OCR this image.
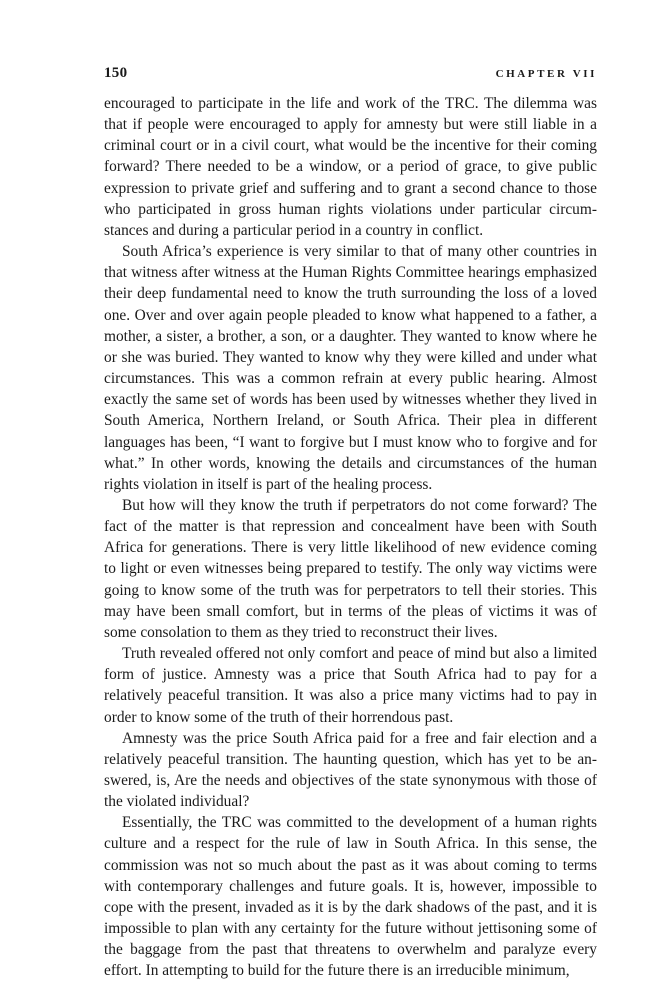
150	CHAPTER VII

encouraged to participate in the life and work of the TRC. The dilemma was that if people were encouraged to apply for amnesty but were still liable in a criminal court or in a civil court, what would be the incentive for their coming forward? There needed to be a window, or a period of grace, to give public expression to private grief and suffering and to grant a second chance to those who participated in gross human rights violations under particular circumstances and during a particular period in a country in conflict.

South Africa’s experience is very similar to that of many other countries in that witness after witness at the Human Rights Committee hearings emphasized their deep fundamental need to know the truth surrounding the loss of a loved one. Over and over again people pleaded to know what happened to a father, a mother, a sister, a brother, a son, or a daughter. They wanted to know where he or she was buried. They wanted to know why they were killed and under what circumstances. This was a common refrain at every public hearing. Almost exactly the same set of words has been used by witnesses whether they lived in South America, Northern Ireland, or South Africa. Their plea in different languages has been, “I want to forgive but I must know who to forgive and for what.” In other words, knowing the details and circumstances of the human rights violation in itself is part of the healing process.

But how will they know the truth if perpetrators do not come forward? The fact of the matter is that repression and concealment have been with South Africa for generations. There is very little likelihood of new evidence coming to light or even witnesses being prepared to testify. The only way victims were going to know some of the truth was for perpetrators to tell their stories. This may have been small comfort, but in terms of the pleas of victims it was of some consolation to them as they tried to reconstruct their lives.

Truth revealed offered not only comfort and peace of mind but also a limited form of justice. Amnesty was a price that South Africa had to pay for a relatively peaceful transition. It was also a price many victims had to pay in order to know some of the truth of their horrendous past.

Amnesty was the price South Africa paid for a free and fair election and a relatively peaceful transition. The haunting question, which has yet to be answered, is, Are the needs and objectives of the state synonymous with those of the violated individual?

Essentially, the TRC was committed to the development of a human rights culture and a respect for the rule of law in South Africa. In this sense, the commission was not so much about the past as it was about coming to terms with contemporary challenges and future goals. It is, however, impossible to cope with the present, invaded as it is by the dark shadows of the past, and it is impossible to plan with any certainty for the future without jettisoning some of the baggage from the past that threatens to overwhelm and paralyze every effort. In attempting to build for the future there is an irreducible minimum,
